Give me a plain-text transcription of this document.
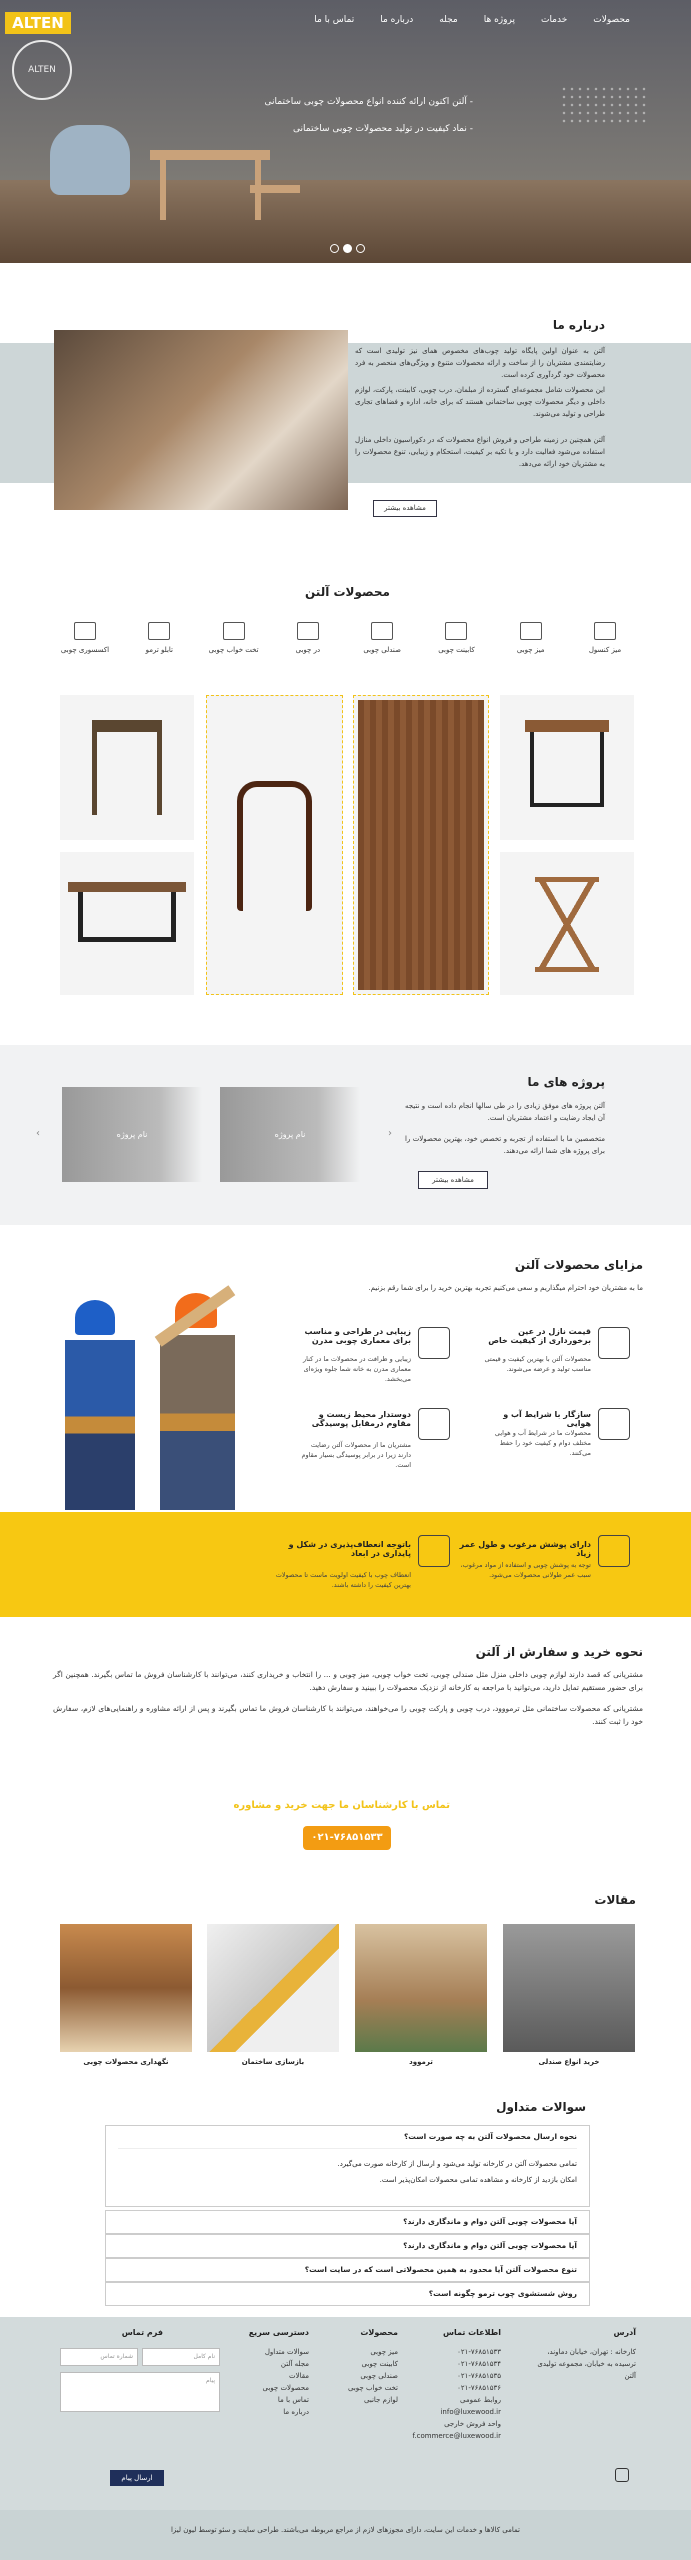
ALTEN
ALTEN
محصولات
خدمات
پروژه ها
مجله
درباره ما
تماس با ما
- آلتن اکنون ارائه کننده انواع محصولات چوبی ساختمانی
- نماد کیفیت در تولید محصولات چوبی ساختمانی
درباره ما
آلتن به عنوان اولین پایگاه تولید چوب‌های مخصوص همای نیز تولیدی است که رضایتمندی مشتریان را از ساخت و ارائه محصولات متنوع و ویژگی‌های منحصر به فرد محصولات خود گردآوری کرده است.
این محصولات شامل مجموعه‌ای گسترده از مبلمان، درب چوبی، کابینت، پارکت، لوازم داخلی و دیگر محصولات چوبی ساختمانی هستند که برای خانه، اداره و فضاهای تجاری طراحی و تولید می‌شوند.
آلتن همچنین در زمینه طراحی و فروش انواع محصولات که در دکوراسیون داخلی منازل استفاده می‌شود فعالیت دارد و با تکیه بر کیفیت، استحکام و زیبایی، تنوع محصولات را به مشتریان خود ارائه می‌دهد.
مشاهده بیشتر
محصولات آلتن
میز کنسول
میز چوبی
کابینت چوبی
صندلی چوبی
در چوبی
تخت خواب چوبی
تابلو ترمو
اکسسوری چوبی
پروژه های ما
آلتن پروژه های موفق زیادی را در طی سالها انجام داده است و نتیجه آن ایجاد رضایت و اعتماد مشتریان است.
متخصصین ما با استفاده از تجربه و تخصص خود، بهترین محصولات را برای پروژه های شما ارائه می‌دهند.
مشاهده بیشتر
نام پروژه
نام پروژه	‹
›
مزایای محصولات آلتن
ما به مشتریان خود احترام میگذاریم و سعی می‌کنیم تجربه بهترین خرید را برای شما رقم بزنیم.
قیمت نازل در عین برخورداری از کیفیت خاص
محصولات آلتن با بهترین کیفیت و قیمتی مناسب تولید و عرضه می‌شوند.
زیبایی در طراحی و مناسب برای معماری چوبی مدرن
زیبایی و ظرافت در محصولات ما در کنار معماری مدرن به خانه شما جلوه ویژه‌ای می‌بخشد.
سازگار با شرایط آب و هوایی
محصولات ما در شرایط آب و هوایی مختلف دوام و کیفیت خود را حفظ می‌کنند.
دوستدار محیط زیست و مقاوم درمقابل پوسیدگی
مشتریان ما از محصولات آلتن رضایت دارند زیرا در برابر پوسیدگی بسیار مقاوم است.
دارای پوشش مرغوب و طول عمر زیاد
توجه به پوشش چوبی و استفاده از مواد مرغوب، سبب عمر طولانی محصولات می‌شود.
باتوجه انعطاف‌پذیری در شکل و پایداری در ابعاد
انعطاف چوب با کیفیت اولویت ماست تا محصولات بهترین کیفیت را داشته باشند.
نحوه خرید و سفارش از آلتن

مشتریانی که قصد دارند لوازم چوبی داخلی منزل مثل صندلی چوبی، تخت خواب چوبی، میز چوبی و ... را انتخاب و خریداری کنند، می‌توانند با کارشناسان فروش ما تماس بگیرند. همچنین اگر برای حضور مستقیم تمایل دارید، می‌توانید با مراجعه به کارخانه از نزدیک محصولات را ببینید و سفارش دهید.

مشتریانی که محصولات ساختمانی مثل ترمووود، درب چوبی و پارکت چوبی را می‌خواهند، می‌توانند با کارشناسان فروش ما تماس بگیرند و پس از ارائه مشاوره و راهنمایی‌های لازم، سفارش خود را ثبت کنند.

تماس با کارشناسان ما جهت خرید و مشاوره
۰۲۱-۷۶۸۵۱۵۳۳
مقالات
خرید انواع صندلی
ترموود
بازسازی ساختمان
نگهداری محصولات چوبی
سوالات متداول
نحوه ارسال محصولات آلتن به چه صورت است؟
تمامی محصولات آلتن در کارخانه تولید می‌شود و ارسال از کارخانه صورت می‌گیرد.
امکان بازدید از کارخانه و مشاهده تمامی محصولات امکان‌پذیر است.
آیا محصولات چوبی آلتن دوام و ماندگاری دارند؟
آیا محصولات چوبی آلتن دوام و ماندگاری دارند؟
تنوع محصولات آلتن آیا محدود به همین محصولاتی است که در سایت است؟
روش شستشوی چوب ترمو چگونه است؟
آدرس
کارخانه : تهران، خیابان دماوند، ترسیده به خیابان، مجموعه تولیدی آلتن
اطلاعات تماس
۰۲۱-۷۶۸۵۱۵۳۳
۰۲۱-۷۶۸۵۱۵۳۴
۰۲۱-۷۶۸۵۱۵۳۵
۰۲۱-۷۶۸۵۱۵۳۶
روابط عمومی
info@luxewood.ir
واحد فروش خارجی
f.commerce@luxewood.ir
محصولات
میز چوبی
کابینت چوبی
صندلی چوبی
تخت خواب چوبی
لوازم جانبی
دسترسی سریع
سوالات متداول
مجله آلتن
مقالات
محصولات چوبی
تماس با ما
درباره ما
فرم تماس
نام کامل
شماره تماس
پیام
ارسال پیام
تمامی کالاها و خدمات این سایت، دارای مجوزهای لازم از مراجع مربوطه می‌باشند. طراحی سایت و سئو توسط لیون لیزا
